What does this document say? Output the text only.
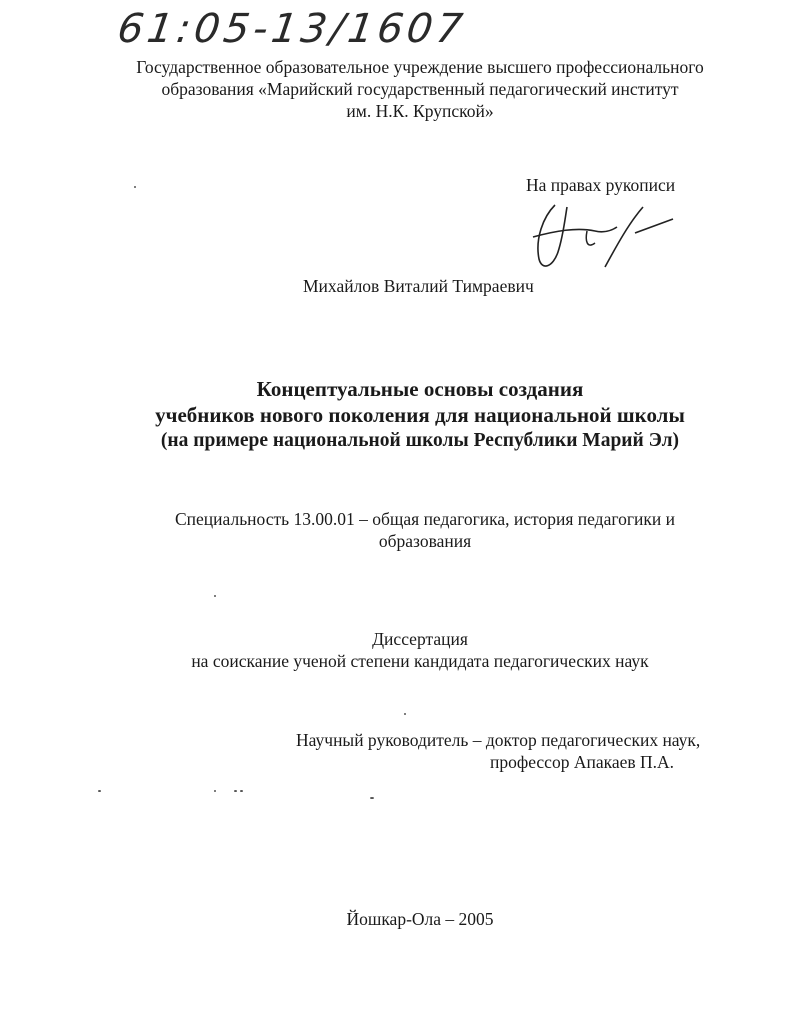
61:05-13/1607
Государственное образовательное учреждение высшего профессионального
образования «Марийский государственный педагогический институт
им. Н.К. Крупской»
На правах рукописи
Михайлов Виталий Тимраевич
Концептуальные основы создания
учебников нового поколения для национальной школы
(на примере национальной школы Республики Марий Эл)
Специальность 13.00.01 – общая педагогика, история педагогики и
образования
Диссертация
на соискание ученой степени кандидата педагогических наук
Научный руководитель – доктор педагогических наук,
профессор Апакаев П.А.
Йошкар-Ола – 2005
